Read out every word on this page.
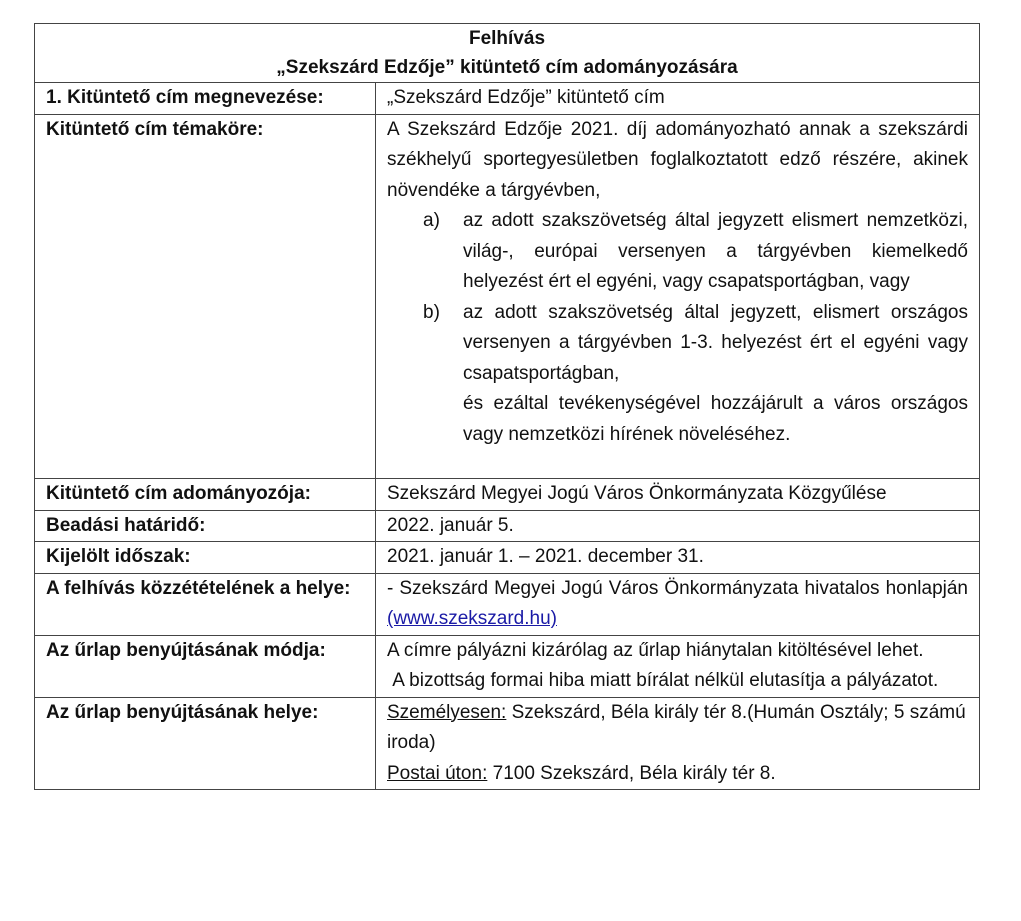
Felhívás
„Szekszárd Edzője” kitüntető cím adományozására	

1. Kitüntető cím megnevezése:	„Szekszárd Edzője” kitüntető cím
Kitüntető cím témaköre:	A Szekszárd Edzője 2021. díj adományozható annak a szekszárdi székhelyű sportegyesületben foglalkoztatott edző részére, akinek növendéke a tárgyévben,
a)	az adott szakszövetség által jegyzett elismert nemzetközi, világ-, európai versenyen a tárgyévben kiemelkedő helyezést ért el egyéni, vagy csapatsportágban, vagy
b)	az adott szakszövetség által jegyzett, elismert országos versenyen a tárgyévben 1-3. helyezést ért el egyéni vagy csapatsportágban,
és ezáltal tevékenységével hozzájárult a város országos vagy nemzetközi hírének növeléséhez.

Kitüntető cím adományozója:	Szekszárd Megyei Jogú Város Önkormányzata Közgyűlése
Beadási határidő:	2022. január 5.
Kijelölt időszak:	2021. január 1. – 2021. december 31.
A felhívás közzétételének a helye:	- Szekszárd Megyei Jogú Város Önkormányzata hivatalos honlapján (www.szekszard.hu)
Az űrlap benyújtásának módja:	A címre pályázni kizárólag az űrlap hiánytalan kitöltésével lehet.
A bizottság formai hiba miatt bírálat nélkül elutasítja a pályázatot.

Az űrlap benyújtásának helye:	Személyesen: Szekszárd, Béla király tér 8.(Humán Osztály; 5 számú iroda)
Postai úton: 7100 Szekszárd, Béla király tér 8.
